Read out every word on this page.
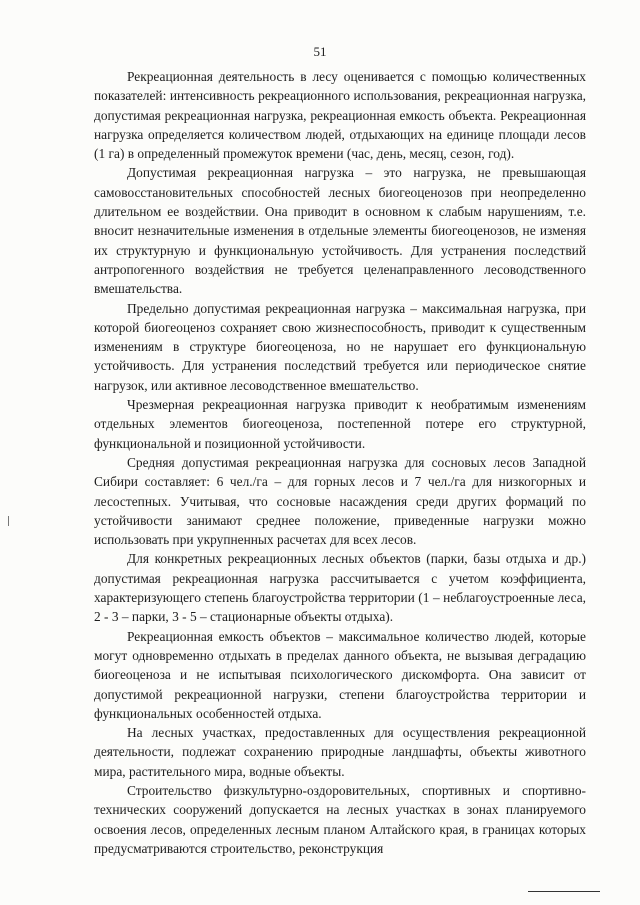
51

Рекреационная деятельность в лесу оценивается с помощью количественных показателей: интенсивность рекреационного использования, рекреационная нагрузка, допустимая рекреационная нагрузка, рекреационная емкость объекта. Рекреационная нагрузка определяется количеством людей, отдыхающих на единице площади лесов (1 га) в определенный промежуток времени (час, день, месяц, сезон, год).

Допустимая рекреационная нагрузка – это нагрузка, не превышающая самовосстановительных способностей лесных биогеоценозов при неопределенно длительном ее воздействии. Она приводит в основном к слабым нарушениям, т.е. вносит незначительные изменения в отдельные элементы биогеоценозов, не изменяя их структурную и функциональную устойчивость. Для устранения последствий антропогенного воздействия не требуется целенаправленного лесоводственного вмешательства.

Предельно допустимая рекреационная нагрузка – максимальная нагрузка, при которой биогеоценоз сохраняет свою жизнеспособность, приводит к существенным изменениям в структуре биогеоценоза, но не нарушает его функциональную устойчивость. Для устранения последствий требуется или периодическое снятие нагрузок, или активное лесоводственное вмешательство.

Чрезмерная рекреационная нагрузка приводит к необратимым изменениям отдельных элементов биогеоценоза, постепенной потере его структурной, функциональной и позиционной устойчивости.

Средняя допустимая рекреационная нагрузка для сосновых лесов Западной Сибири составляет: 6 чел./га – для горных лесов и 7 чел./га для низкогорных и лесостепных. Учитывая, что сосновые насаждения среди других формаций по устойчивости занимают среднее положение, приведенные нагрузки можно использовать при укрупненных расчетах для всех лесов.

Для конкретных рекреационных лесных объектов (парки, базы отдыха и др.) допустимая рекреационная нагрузка рассчитывается с учетом коэффициента, характеризующего степень благоустройства территории (1 – неблагоустроенные леса, 2 - 3 – парки, 3 - 5 – стационарные объекты отдыха).

Рекреационная емкость объектов – максимальное количество людей, которые могут одновременно отдыхать в пределах данного объекта, не вызывая деградацию биогеоценоза и не испытывая психологического дискомфорта. Она зависит от допустимой рекреационной нагрузки, степени благоустройства территории и функциональных особенностей отдыха.

На лесных участках, предоставленных для осуществления рекреационной деятельности, подлежат сохранению природные ландшафты, объекты животного мира, растительного мира, водные объекты.

Строительство физкультурно-оздоровительных, спортивных и спортивно-технических сооружений допускается на лесных участках в зонах планируемого освоения лесов, определенных лесным планом Алтайского края, в границах которых предусматриваются строительство, реконструкция
